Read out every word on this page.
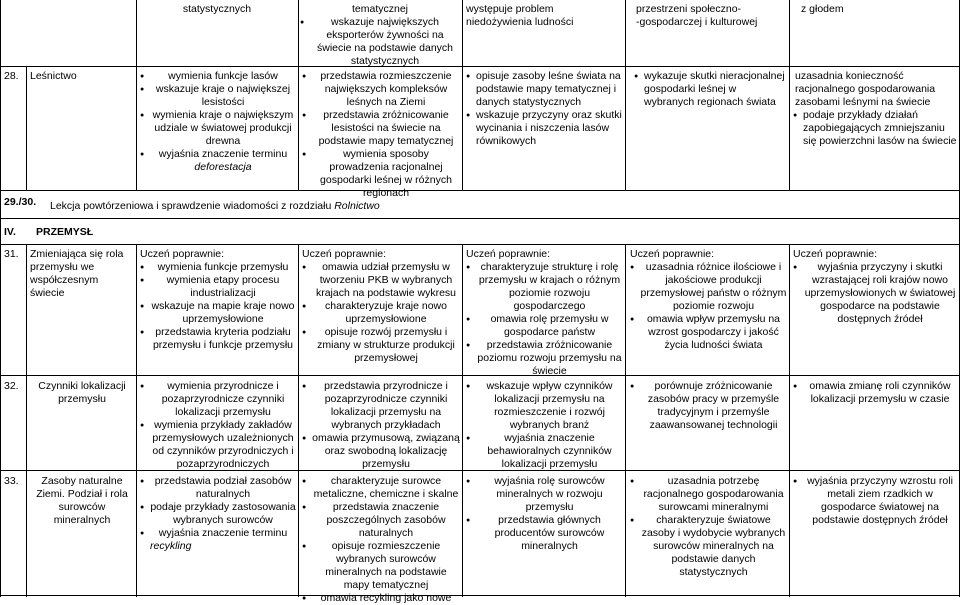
statystycznych	tematycznej
● wskazuje największych eksporterów żywności na świecie na podstawie danych statystycznych
występuje problem niedożywienia ludności
przestrzeni społeczno-
-gospodarczej i kulturowej
z głodem
28.	Leśnictwo
●	wymienia funkcje lasów
● wskazuje kraje o największej lesistości
● wymienia kraje o największym udziale w światowej produkcji drewna
● wyjaśnia znaczenie terminu
deforestacja
● przedstawia rozmieszczenie największych kompleksów leśnych na Ziemi
● przedstawia zróżnicowanie lesistości na świecie na podstawie mapy tematycznej
● wymienia sposoby prowadzenia racjonalnej gospodarki leśnej w różnych regionach
● opisuje zasoby leśne świata na podstawie mapy tematycznej i danych statystycznych
● wskazuje przyczyny oraz skutki wycinania i niszczenia lasów równikowych
● wykazuje skutki nieracjonalnej gospodarki leśnej w wybranych regionach świata
uzasadnia konieczność racjonalnego gospodarowania zasobami leśnymi na świecie
● podaje przykłady działań zapobiegających zmniejszaniu się powierzchni lasów na świecie
29./30.	Lekcja powtórzeniowa i sprawdzenie wiadomości z rozdziału Rolnictwo
IV.	PRZEMYSŁ
31.	Zmieniająca się rola przemysłu we współczesnym świecie
Uczeń poprawnie:
● wymienia funkcje przemysłu
● wymienia etapy procesu industrializacji
● wskazuje na mapie kraje nowo uprzemysłowione
● przedstawia kryteria podziału przemysłu i funkcje przemysłu
Uczeń poprawnie:
● omawia udział przemysłu w tworzeniu PKB w wybranych krajach na podstawie wykresu
● charakteryzuje kraje nowo uprzemysłowione
● opisuje rozwój przemysłu i zmiany w strukturze produkcji przemysłowej
Uczeń poprawnie:
● charakteryzuje strukturę i rolę przemysłu w krajach o różnym poziomie rozwoju gospodarczego
● omawia rolę przemysłu w gospodarce państw
● przedstawia zróżnicowanie poziomu rozwoju przemysłu na świecie
Uczeń poprawnie:
● uzasadnia różnice ilościowe i jakościowe produkcji przemysłowej państw o różnym poziomie rozwoju
● omawia wpływ przemysłu na wzrost gospodarczy i jakość życia ludności świata
Uczeń poprawnie:
● wyjaśnia przyczyny i skutki wzrastającej roli krajów nowo uprzemysłowionych w światowej gospodarce na podstawie dostępnych źródeł
32.	Czynniki lokalizacji przemysłu
● wymienia przyrodnicze i pozaprzyrodnicze czynniki lokalizacji przemysłu
● wymienia przykłady zakładów przemysłowych uzależnionych od czynników przyrodniczych i pozaprzyrodniczych
● przedstawia przyrodnicze i pozaprzyrodnicze czynniki lokalizacji przemysłu na wybranych przykładach
● omawia przymusową, związaną oraz swobodną lokalizację przemysłu
● wskazuje wpływ czynników lokalizacji przemysłu na rozmieszczenie i rozwój wybranych branż
● wyjaśnia znaczenie behawioralnych czynników lokalizacji przemysłu
● porównuje zróżnicowanie zasobów pracy w przemyśle tradycyjnym i przemyśle zaawansowanej technologii
● omawia zmianę roli czynników lokalizacji przemysłu w czasie
33.	Zasoby naturalne Ziemi. Podział i rola surowców mineralnych
● przedstawia podział zasobów naturalnych
● podaje przykłady zastosowania wybranych surowców
● wyjaśnia znaczenie terminu
recykling
● charakteryzuje surowce metaliczne, chemiczne i skalne
● przedstawia znaczenie poszczególnych zasobów naturalnych
● opisuje rozmieszczenie wybranych surowców mineralnych na podstawie mapy tematycznej
● omawia recykling jako nowe
● wyjaśnia rolę surowców mineralnych w rozwoju przemysłu
● przedstawia głównych producentów surowców mineralnych
● uzasadnia potrzebę racjonalnego gospodarowania surowcami mineralnymi
● charakteryzuje światowe zasoby i wydobycie wybranych surowców mineralnych na podstawie danych statystycznych
● wyjaśnia przyczyny wzrostu roli metali ziem rzadkich w gospodarce światowej na podstawie dostępnych źródeł
